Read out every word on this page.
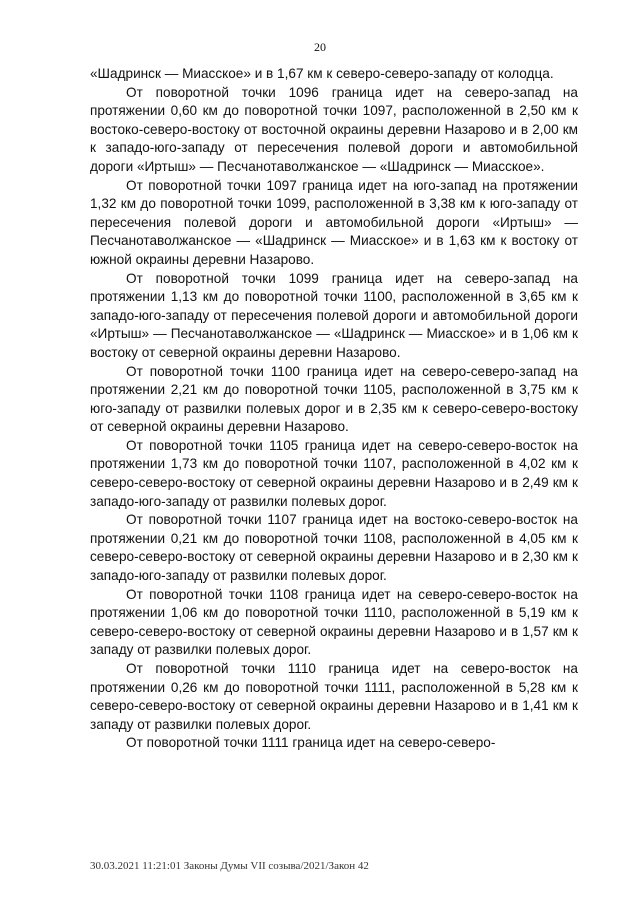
20

«Шадринск — Миасское» и в 1,67 км к северо-северо-западу от колодца.

От поворотной точки 1096 граница идет на северо-запад на протяжении 0,60 км до поворотной точки 1097, расположенной в 2,50 км к востоко-северо-востоку от восточной окраины деревни Назарово и в 2,00 км к западо-юго-западу от пересечения полевой дороги и автомобильной дороги «Иртыш» — Песчанотаволжанское — «Шадринск — Миасское».

От поворотной точки 1097 граница идет на юго-запад на протяжении 1,32 км до поворотной точки 1099, расположенной в 3,38 км к юго-западу от пересечения полевой дороги и автомобильной дороги «Иртыш» — Песчанотаволжанское — «Шадринск — Миасское» и в 1,63 км к востоку от южной окраины деревни Назарово.

От поворотной точки 1099 граница идет на северо-запад на протяжении 1,13 км до поворотной точки 1100, расположенной в 3,65 км к западо-юго-западу от пересечения полевой дороги и автомобильной дороги «Иртыш» — Песчанотаволжанское — «Шадринск — Миасское» и в 1,06 км к востоку от северной окраины деревни Назарово.

От поворотной точки 1100 граница идет на северо-северо-запад на протяжении 2,21 км до поворотной точки 1105, расположенной в 3,75 км к юго-западу от развилки полевых дорог и в 2,35 км к северо-северо-востоку от северной окраины деревни Назарово.

От поворотной точки 1105 граница идет на северо-северо-восток на протяжении 1,73 км до поворотной точки 1107, расположенной в 4,02 км к северо-северо-востоку от северной окраины деревни Назарово и в 2,49 км к западо-юго-западу от развилки полевых дорог.

От поворотной точки 1107 граница идет на востоко-северо-восток на протяжении 0,21 км до поворотной точки 1108, расположенной в 4,05 км к северо-северо-востоку от северной окраины деревни Назарово и в 2,30 км к западо-юго-западу от развилки полевых дорог.

От поворотной точки 1108 граница идет на северо-северо-восток на протяжении 1,06 км до поворотной точки 1110, расположенной в 5,19 км к северо-северо-востоку от северной окраины деревни Назарово и в 1,57 км к западу от развилки полевых дорог.

От поворотной точки 1110 граница идет на северо-восток на протяжении 0,26 км до поворотной точки 1111, расположенной в 5,28 км к северо-северо-востоку от северной окраины деревни Назарово и в 1,41 км к западу от развилки полевых дорог.

От поворотной точки 1111 граница идет на северо-северо-

30.03.2021 11:21:01 Законы Думы VII созыва/2021/Закон 42
